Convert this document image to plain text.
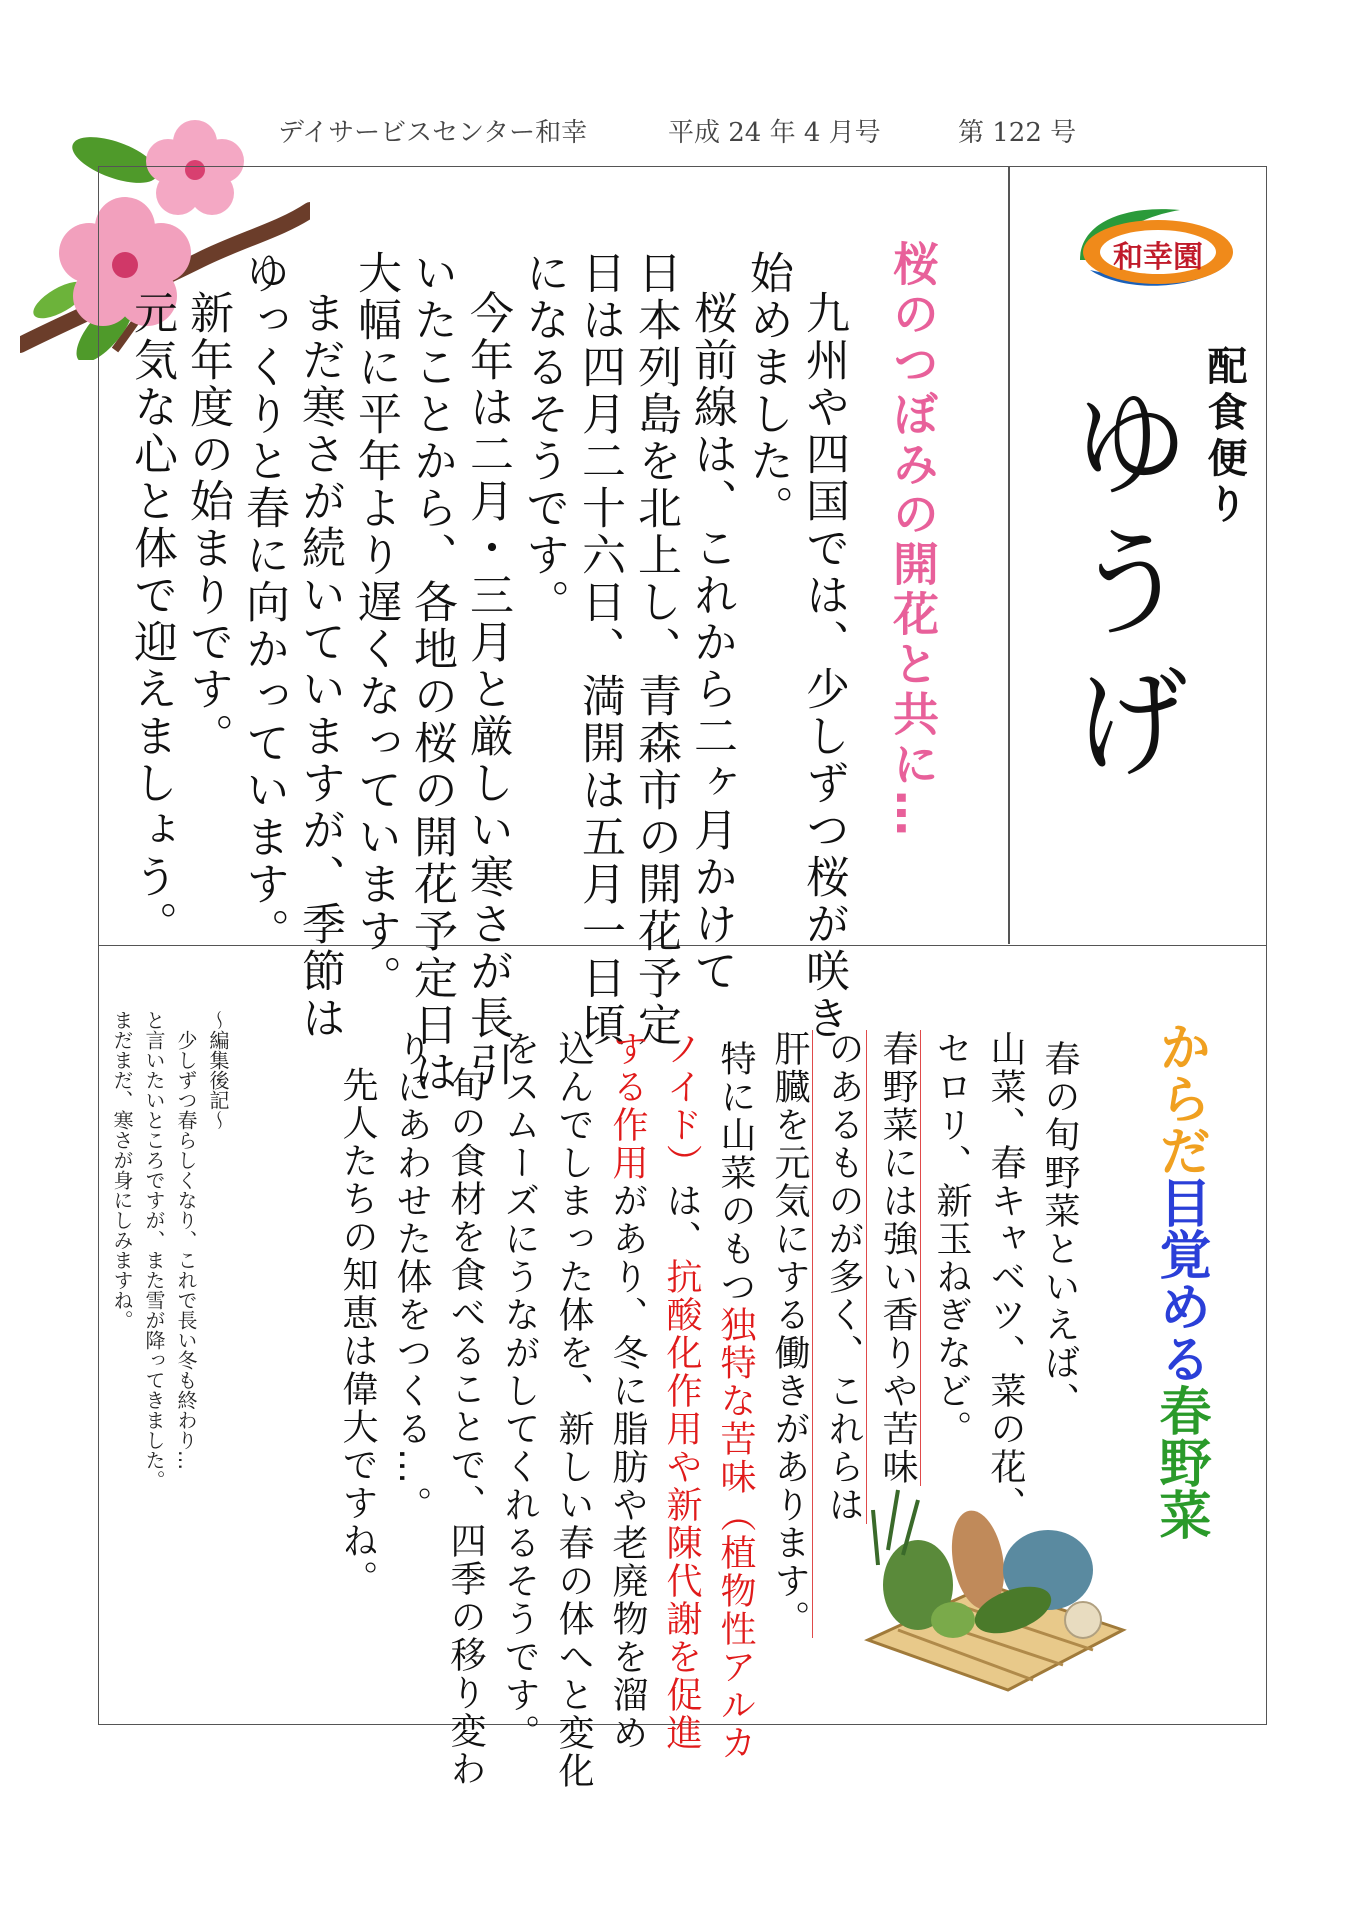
デイサービスセンター和幸	平成 24 年 4 月号	第 122 号
和幸園
配食便り
ゆうげ
桜のつぼみの開花と共に…

九州や四国では、少しずつ桜が咲き

始めました。

桜前線は、これから二ヶ月かけて

日本列島を北上し、青森市の開花予定

日は四月二十六日、満開は五月一日頃

になるそうです。

今年は二月・三月と厳しい寒さが長引

いたことから、各地の桜の開花予定日は

大幅に平年より遅くなっています。

まだ寒さが続いていますが、季節は

ゆっくりと春に向かっています。

新年度の始まりです。

元気な心と体で迎えましょう。

からだ目覚める春野菜

春の旬野菜といえば、

山菜、春キャベツ、菜の花、

セロリ、新玉ねぎなど。

春野菜には強い香りや苦味

のあるものが多く、これらは

肝臓を元気にする働きがあります。

特に山菜のもつ独特な苦味（植物性アルカ

ノイド）は、抗酸化作用や新陳代謝を促進

する作用があり、冬に脂肪や老廃物を溜め

込んでしまった体を、新しい春の体へと変化

をスムーズにうながしてくれるそうです。

旬の食材を食べることで、四季の移り変わ

りにあわせた体をつくる…。

先人たちの知恵は偉大ですね。

～編集後記～

少しずつ春らしくなり、これで長い冬も終わり…

と言いたいところですが、また雪が降ってきました。

まだまだ、寒さが身にしみますね。
